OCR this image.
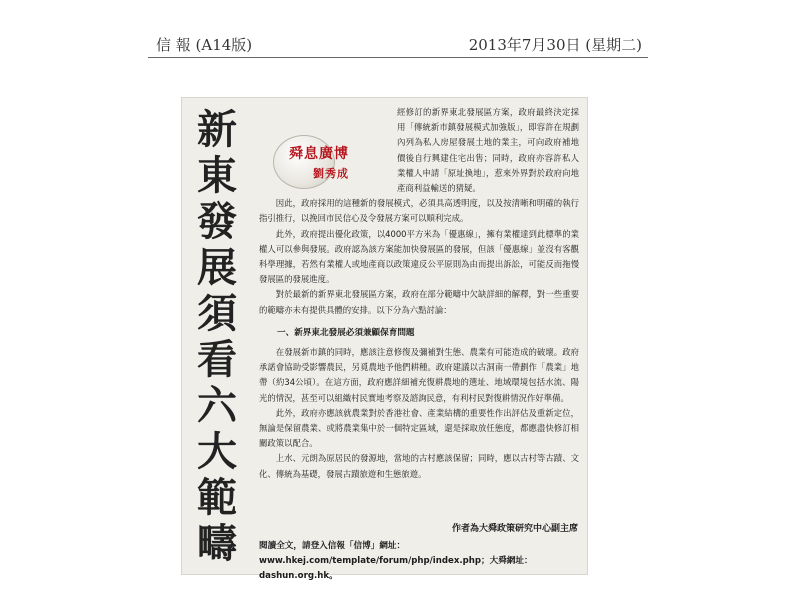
信 報 (A14版)	2013年7月30日 (星期二)
新
東
發
展
須
看
六
大
範
疇
舜息廣博
劉秀成

經修訂的新界東北發展區方案，政府最終決定採用「傳統新市鎮發展模式加強版」，即容許在規劃內列為私人房屋發展土地的業主，可向政府補地價後自行興建住宅出售；同時，政府亦容許私人業權人申請「原址換地」，惹來外界對於政府向地產商利益輸送的猜疑。

因此，政府採用的這種新的發展模式，必須具高透明度，以及按清晰和明確的執行指引推行，以挽回市民信心及令發展方案可以順利完成。

此外，政府提出優化政策，以4000平方米為「優惠線」，擁有業權達到此標準的業權人可以參與發展。政府認為該方案能加快發展區的發展，但該「優惠線」並沒有客觀科學理據，若然有業權人或地產商以政策違反公平原則為由而提出訴訟，可能反而拖慢發展區的發展進度。

對於最新的新界東北發展區方案，政府在部分範疇中欠缺詳細的解釋，對一些重要的範疇亦未有提供具體的安排。以下分為六點討論：

一、新界東北發展必須兼顧保育問題

在發展新市鎮的同時，應該注意修復及彌補對生態、農業有可能造成的破壞。政府承諾會協助受影響農民，另覓農地予他們耕種。政府建議以古洞南一帶劃作「農業」地帶（約34公頃）。在這方面，政府應詳細補充復耕農地的選址、地域環境包括水流、陽光的情況，甚至可以組織村民實地考察及諮詢民意，有利村民對復耕情況作好準備。

此外，政府亦應該就農業對於香港社會、產業結構的重要性作出評估及重新定位，無論是保留農業、或將農業集中於一個特定區域，還是採取放任態度，都應盡快修訂相關政策以配合。

上水、元朗為原居民的發源地，當地的古村應該保留；同時，應以古村等古蹟、文化、傳統為基礎，發展古蹟旅遊和生態旅遊。

作者為大舜政策研究中心副主席
閱讀全文，請登入信報「信博」網址：www.hkej.com/template/forum/php/index.php；大舜網址：dashun.org.hk。
